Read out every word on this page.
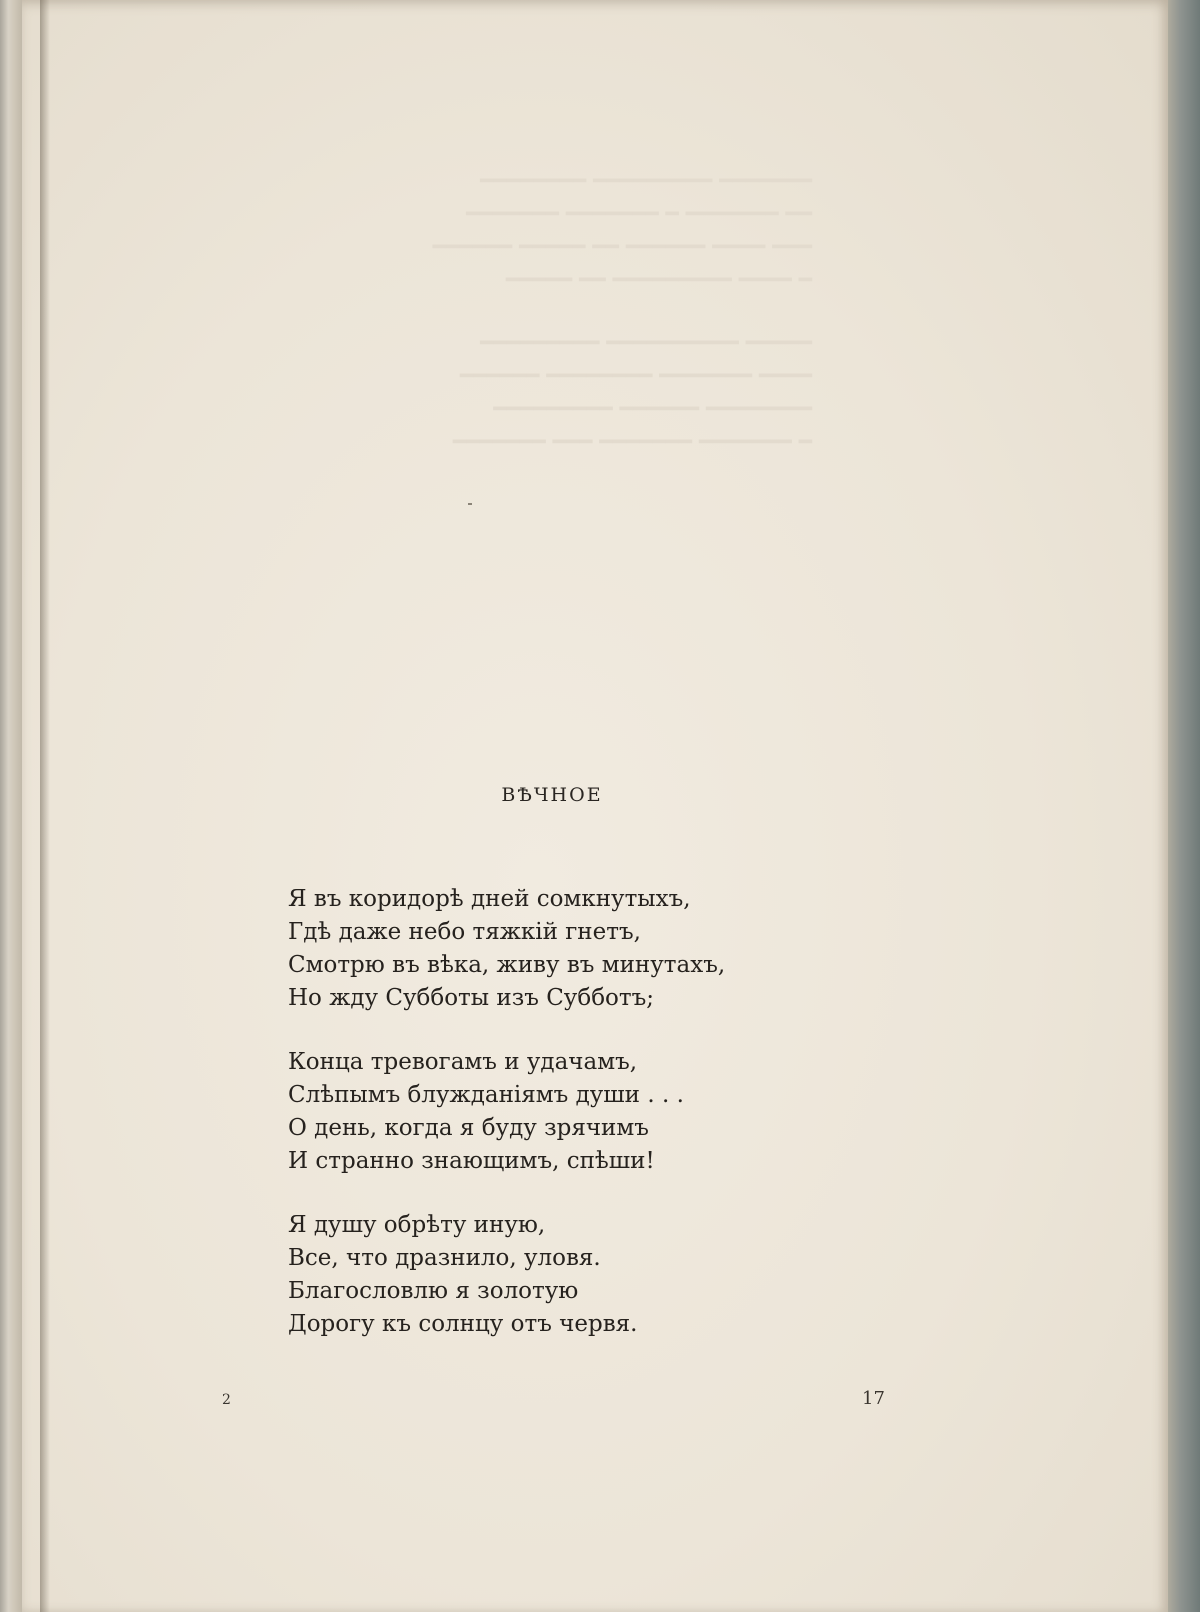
━━━━━━━ ━━━━━━━━━ ━━━━━━━━
━━ ━━━━━━━ ━ ━━━━━━━ ━━━━━━━
━━━ ━━━━ ━━━━━━ ━━ ━━━━━ ━━━━━━
━ ━━━━ ━━━━━━━━━ ━━ ━━━━━
━━━━━ ━━━━━━━━━━ ━━━━━━━━━
━━━━ ━━━━━━━ ━━━━━━━━ ━━━━━━
━━━━━━━━ ━━━━━━ ━━━━━━━━━
━ ━━━━━━━ ━━━━━━━ ━━━ ━━━━━━━
ВѢЧНОЕ

Я въ коридорѣ дней сомкнутыхъ,
Гдѣ даже небо тяжкій гнетъ,
Смотрю въ вѣка, живу въ минутахъ,
Но жду Субботы изъ Субботъ;

Конца тревогамъ и удачамъ,
Слѣпымъ блужданіямъ души . . .
О день, когда я буду зрячимъ
И странно знающимъ, спѣши!

Я душу обрѣту иную,
Все, что дразнило, уловя.
Благословлю я золотую
Дорогу къ солнцу отъ червя.

2	17
